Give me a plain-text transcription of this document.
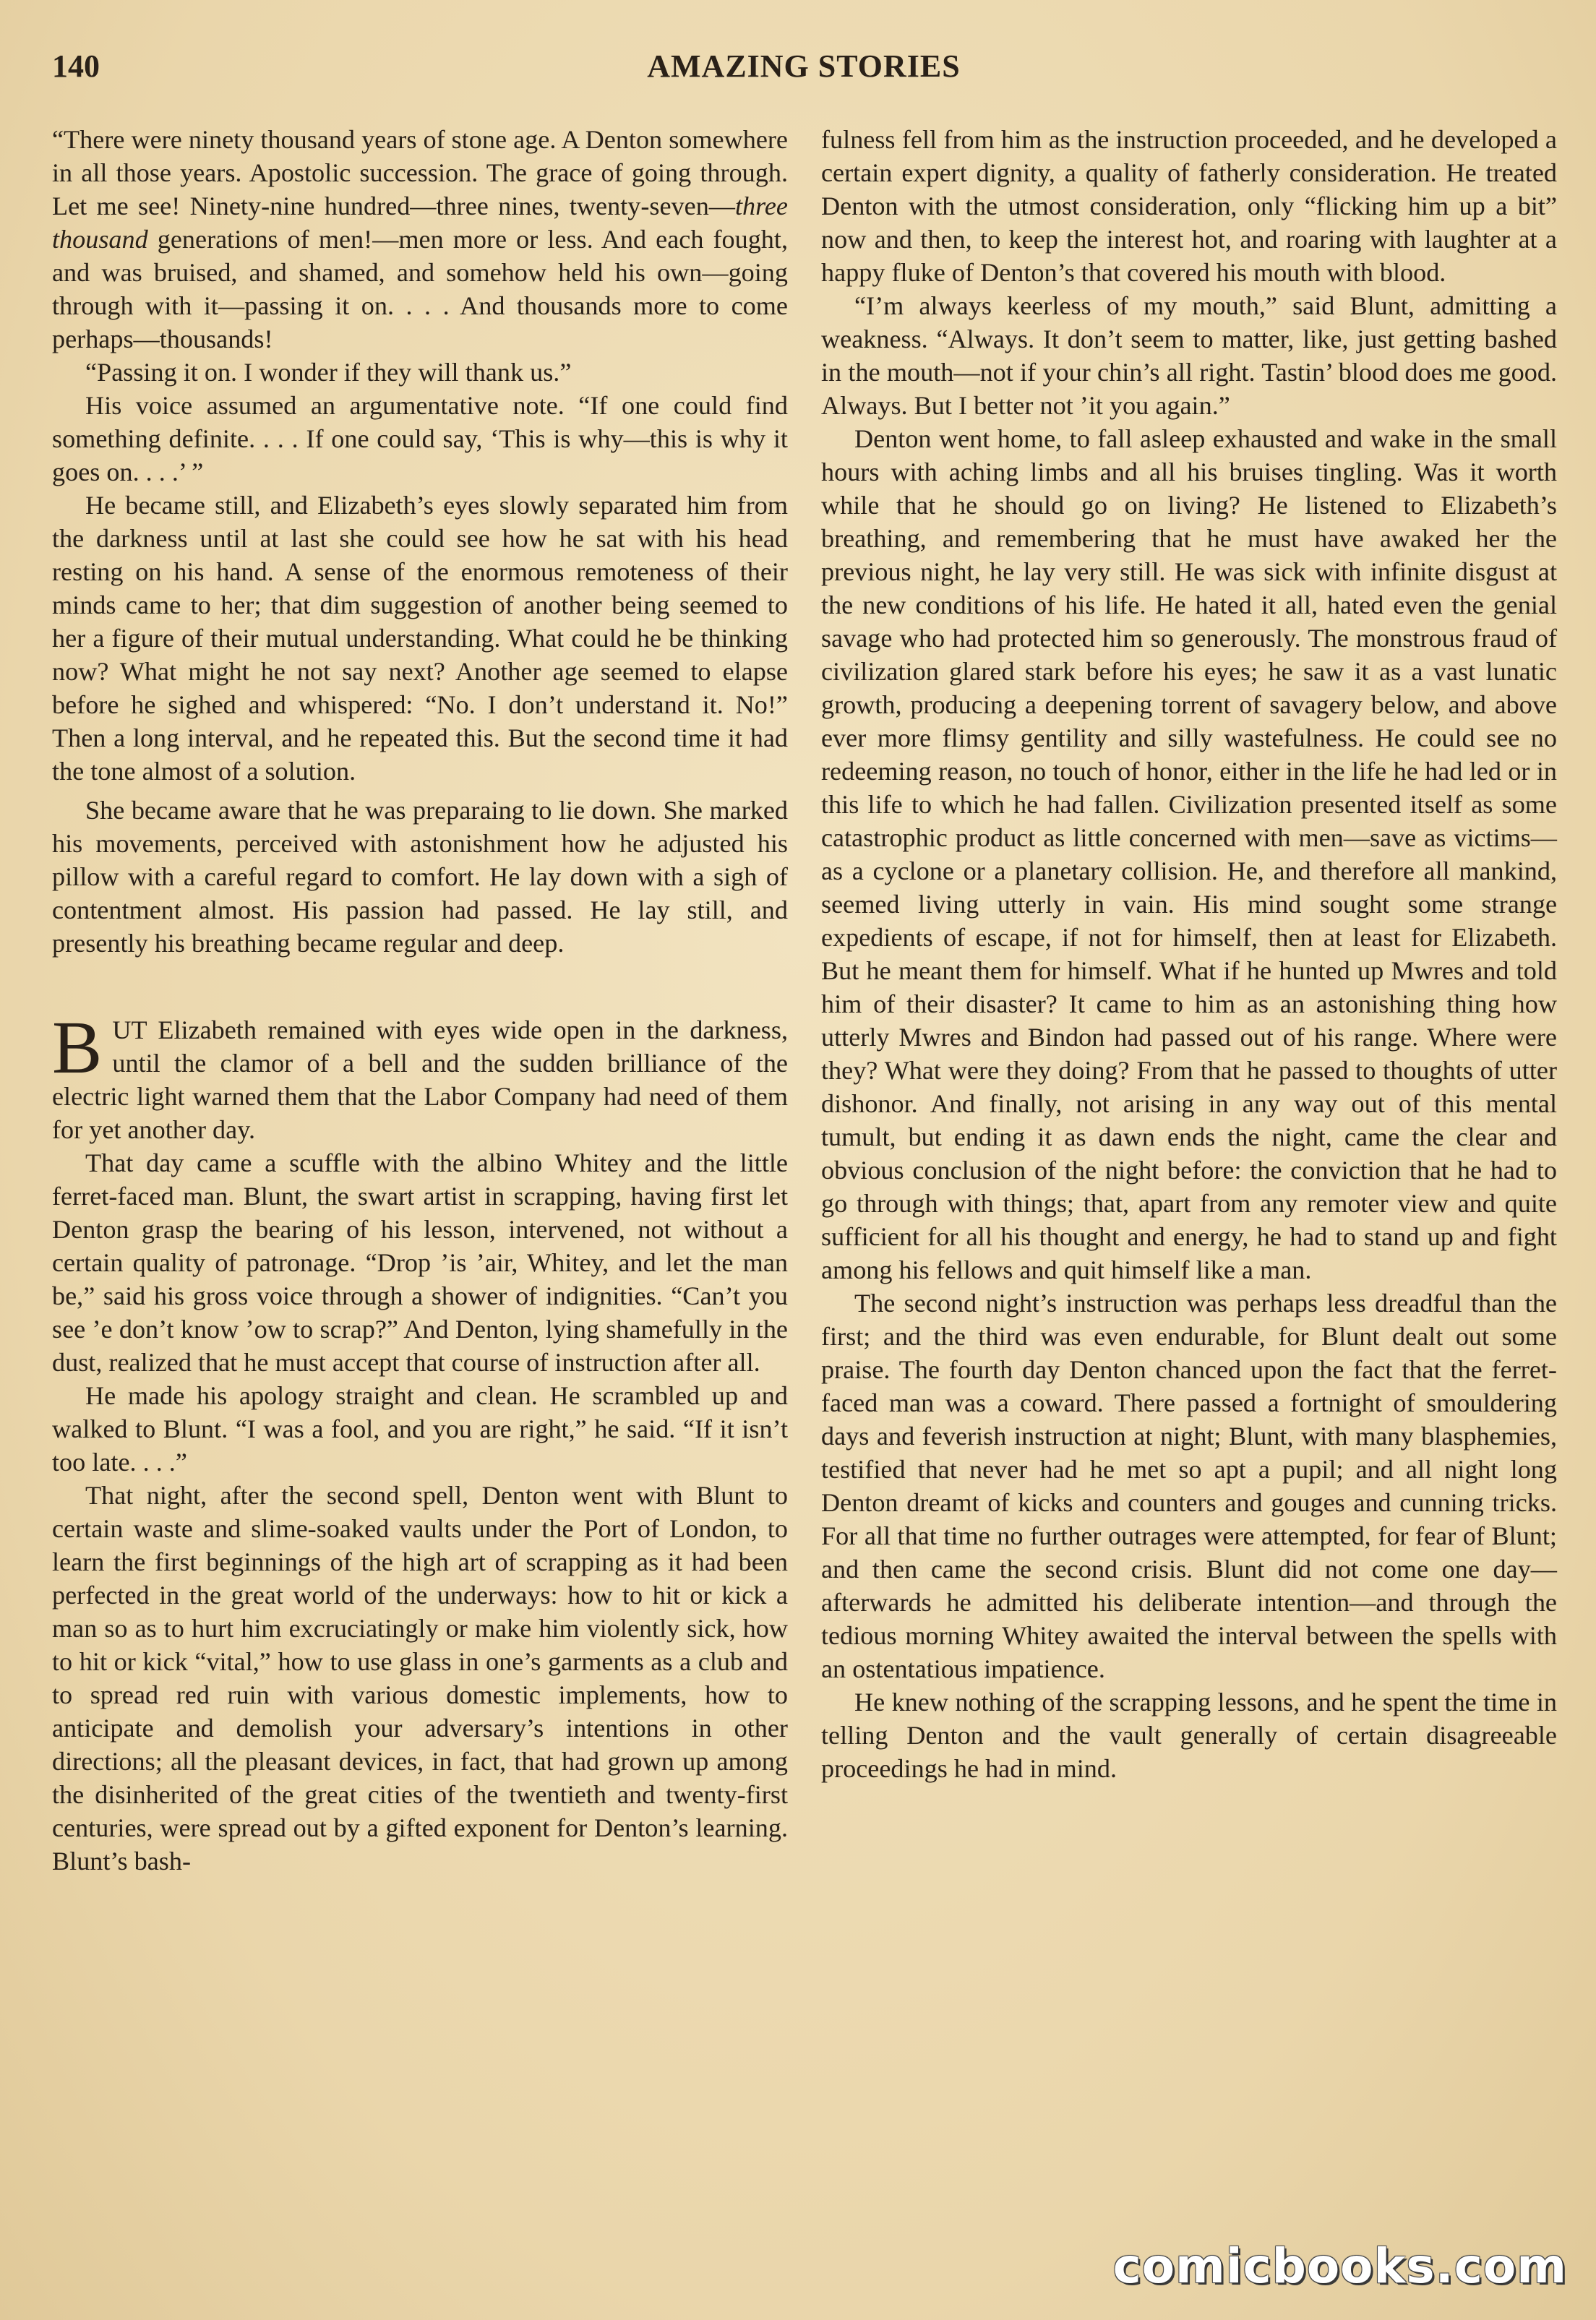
140	AMAZING STORIES

“There were ninety thousand years of stone age. A Denton somewhere in all those years. Apostolic succession. The grace of going through. Let me see! Ninety-nine hundred—three nines, twenty-seven—three thousand generations of men!—men more or less. And each fought, and was bruised, and shamed, and somehow held his own—going through with it—passing it on. . . . And thousands more to come perhaps—thousands!

“Passing it on. I wonder if they will thank us.”

His voice assumed an argumentative note. “If one could find something definite. . . . If one could say, ‘This is why—this is why it goes on. . . .’ ”

He became still, and Elizabeth’s eyes slowly separated him from the darkness until at last she could see how he sat with his head resting on his hand. A sense of the enormous remoteness of their minds came to her; that dim suggestion of another being seemed to her a figure of their mutual understanding. What could he be thinking now? What might he not say next? Another age seemed to elapse before he sighed and whispered: “No. I don’t understand it. No!” Then a long interval, and he repeated this. But the second time it had the tone almost of a solution.

She became aware that he was preparaing to lie down. She marked his movements, perceived with astonishment how he adjusted his pillow with a careful regard to comfort. He lay down with a sigh of contentment almost. His passion had passed. He lay still, and presently his breathing became regular and deep.

BUT Elizabeth remained with eyes wide open in the darkness, until the clamor of a bell and the sudden brilliance of the electric light warned them that the Labor Company had need of them for yet another day.

That day came a scuffle with the albino Whitey and the little ferret-faced man. Blunt, the swart artist in scrapping, having first let Denton grasp the bearing of his lesson, intervened, not without a certain quality of patronage. “Drop ’is ’air, Whitey, and let the man be,” said his gross voice through a shower of indignities. “Can’t you see ’e don’t know ’ow to scrap?” And Denton, lying shamefully in the dust, realized that he must accept that course of instruction after all.

He made his apology straight and clean. He scrambled up and walked to Blunt. “I was a fool, and you are right,” he said. “If it isn’t too late. . . .”

That night, after the second spell, Denton went with Blunt to certain waste and slime-soaked vaults under the Port of London, to learn the first beginnings of the high art of scrapping as it had been perfected in the great world of the underways: how to hit or kick a man so as to hurt him excruciatingly or make him violently sick, how to hit or kick “vital,” how to use glass in one’s garments as a club and to spread red ruin with various domestic implements, how to anticipate and demolish your adversary’s intentions in other directions; all the pleasant devices, in fact, that had grown up among the disinherited of the great cities of the twentieth and twenty-first centuries, were spread out by a gifted exponent for Denton’s learning. Blunt’s bash-

fulness fell from him as the instruction proceeded, and he developed a certain expert dignity, a quality of fatherly consideration. He treated Denton with the utmost consideration, only “flicking him up a bit” now and then, to keep the interest hot, and roaring with laughter at a happy fluke of Denton’s that covered his mouth with blood.

“I’m always keerless of my mouth,” said Blunt, admitting a weakness. “Always. It don’t seem to matter, like, just getting bashed in the mouth—not if your chin’s all right. Tastin’ blood does me good. Always. But I better not ’it you again.”

Denton went home, to fall asleep exhausted and wake in the small hours with aching limbs and all his bruises tingling. Was it worth while that he should go on living? He listened to Elizabeth’s breathing, and remembering that he must have awaked her the previous night, he lay very still. He was sick with infinite disgust at the new conditions of his life. He hated it all, hated even the genial savage who had protected him so generously. The monstrous fraud of civilization glared stark before his eyes; he saw it as a vast lunatic growth, producing a deepening torrent of savagery below, and above ever more flimsy gentility and silly wastefulness. He could see no redeeming reason, no touch of honor, either in the life he had led or in this life to which he had fallen. Civilization presented itself as some catastrophic product as little concerned with men—save as victims—as a cyclone or a planetary collision. He, and therefore all mankind, seemed living utterly in vain. His mind sought some strange expedients of escape, if not for himself, then at least for Elizabeth. But he meant them for himself. What if he hunted up Mwres and told him of their disaster? It came to him as an astonishing thing how utterly Mwres and Bindon had passed out of his range. Where were they? What were they doing? From that he passed to thoughts of utter dishonor. And finally, not arising in any way out of this mental tumult, but ending it as dawn ends the night, came the clear and obvious conclusion of the night before: the conviction that he had to go through with things; that, apart from any remoter view and quite sufficient for all his thought and energy, he had to stand up and fight among his fellows and quit himself like a man.

The second night’s instruction was perhaps less dreadful than the first; and the third was even endurable, for Blunt dealt out some praise. The fourth day Denton chanced upon the fact that the ferret-faced man was a coward. There passed a fortnight of smouldering days and feverish instruction at night; Blunt, with many blasphemies, testified that never had he met so apt a pupil; and all night long Denton dreamt of kicks and counters and gouges and cunning tricks. For all that time no further outrages were attempted, for fear of Blunt; and then came the second crisis. Blunt did not come one day—afterwards he admitted his deliberate intention—and through the tedious morning Whitey awaited the interval between the spells with an ostentatious impatience.

He knew nothing of the scrapping lessons, and he spent the time in telling Denton and the vault generally of certain disagreeable proceedings he had in mind.

comicbooks.com
